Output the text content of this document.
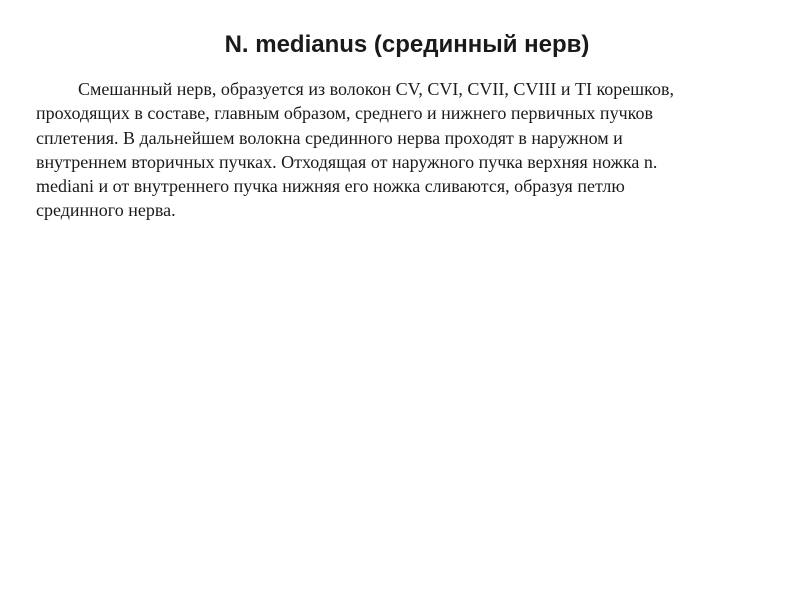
N. medianus (срединный нерв)
Смешанный нерв, образуется из волокон CV, CVI, CVII, CVIII и TI корешков,
проходящих в составе, главным образом, среднего и нижнего первичных пучков
сплетения. В дальнейшем волокна срединного нерва проходят в наружном и
внутреннем вторичных пучках. Отходящая от наружного пучка верхняя ножка n.
mediani и от внутреннего пучка нижняя его ножка сливаются, образуя петлю
срединного нерва.
